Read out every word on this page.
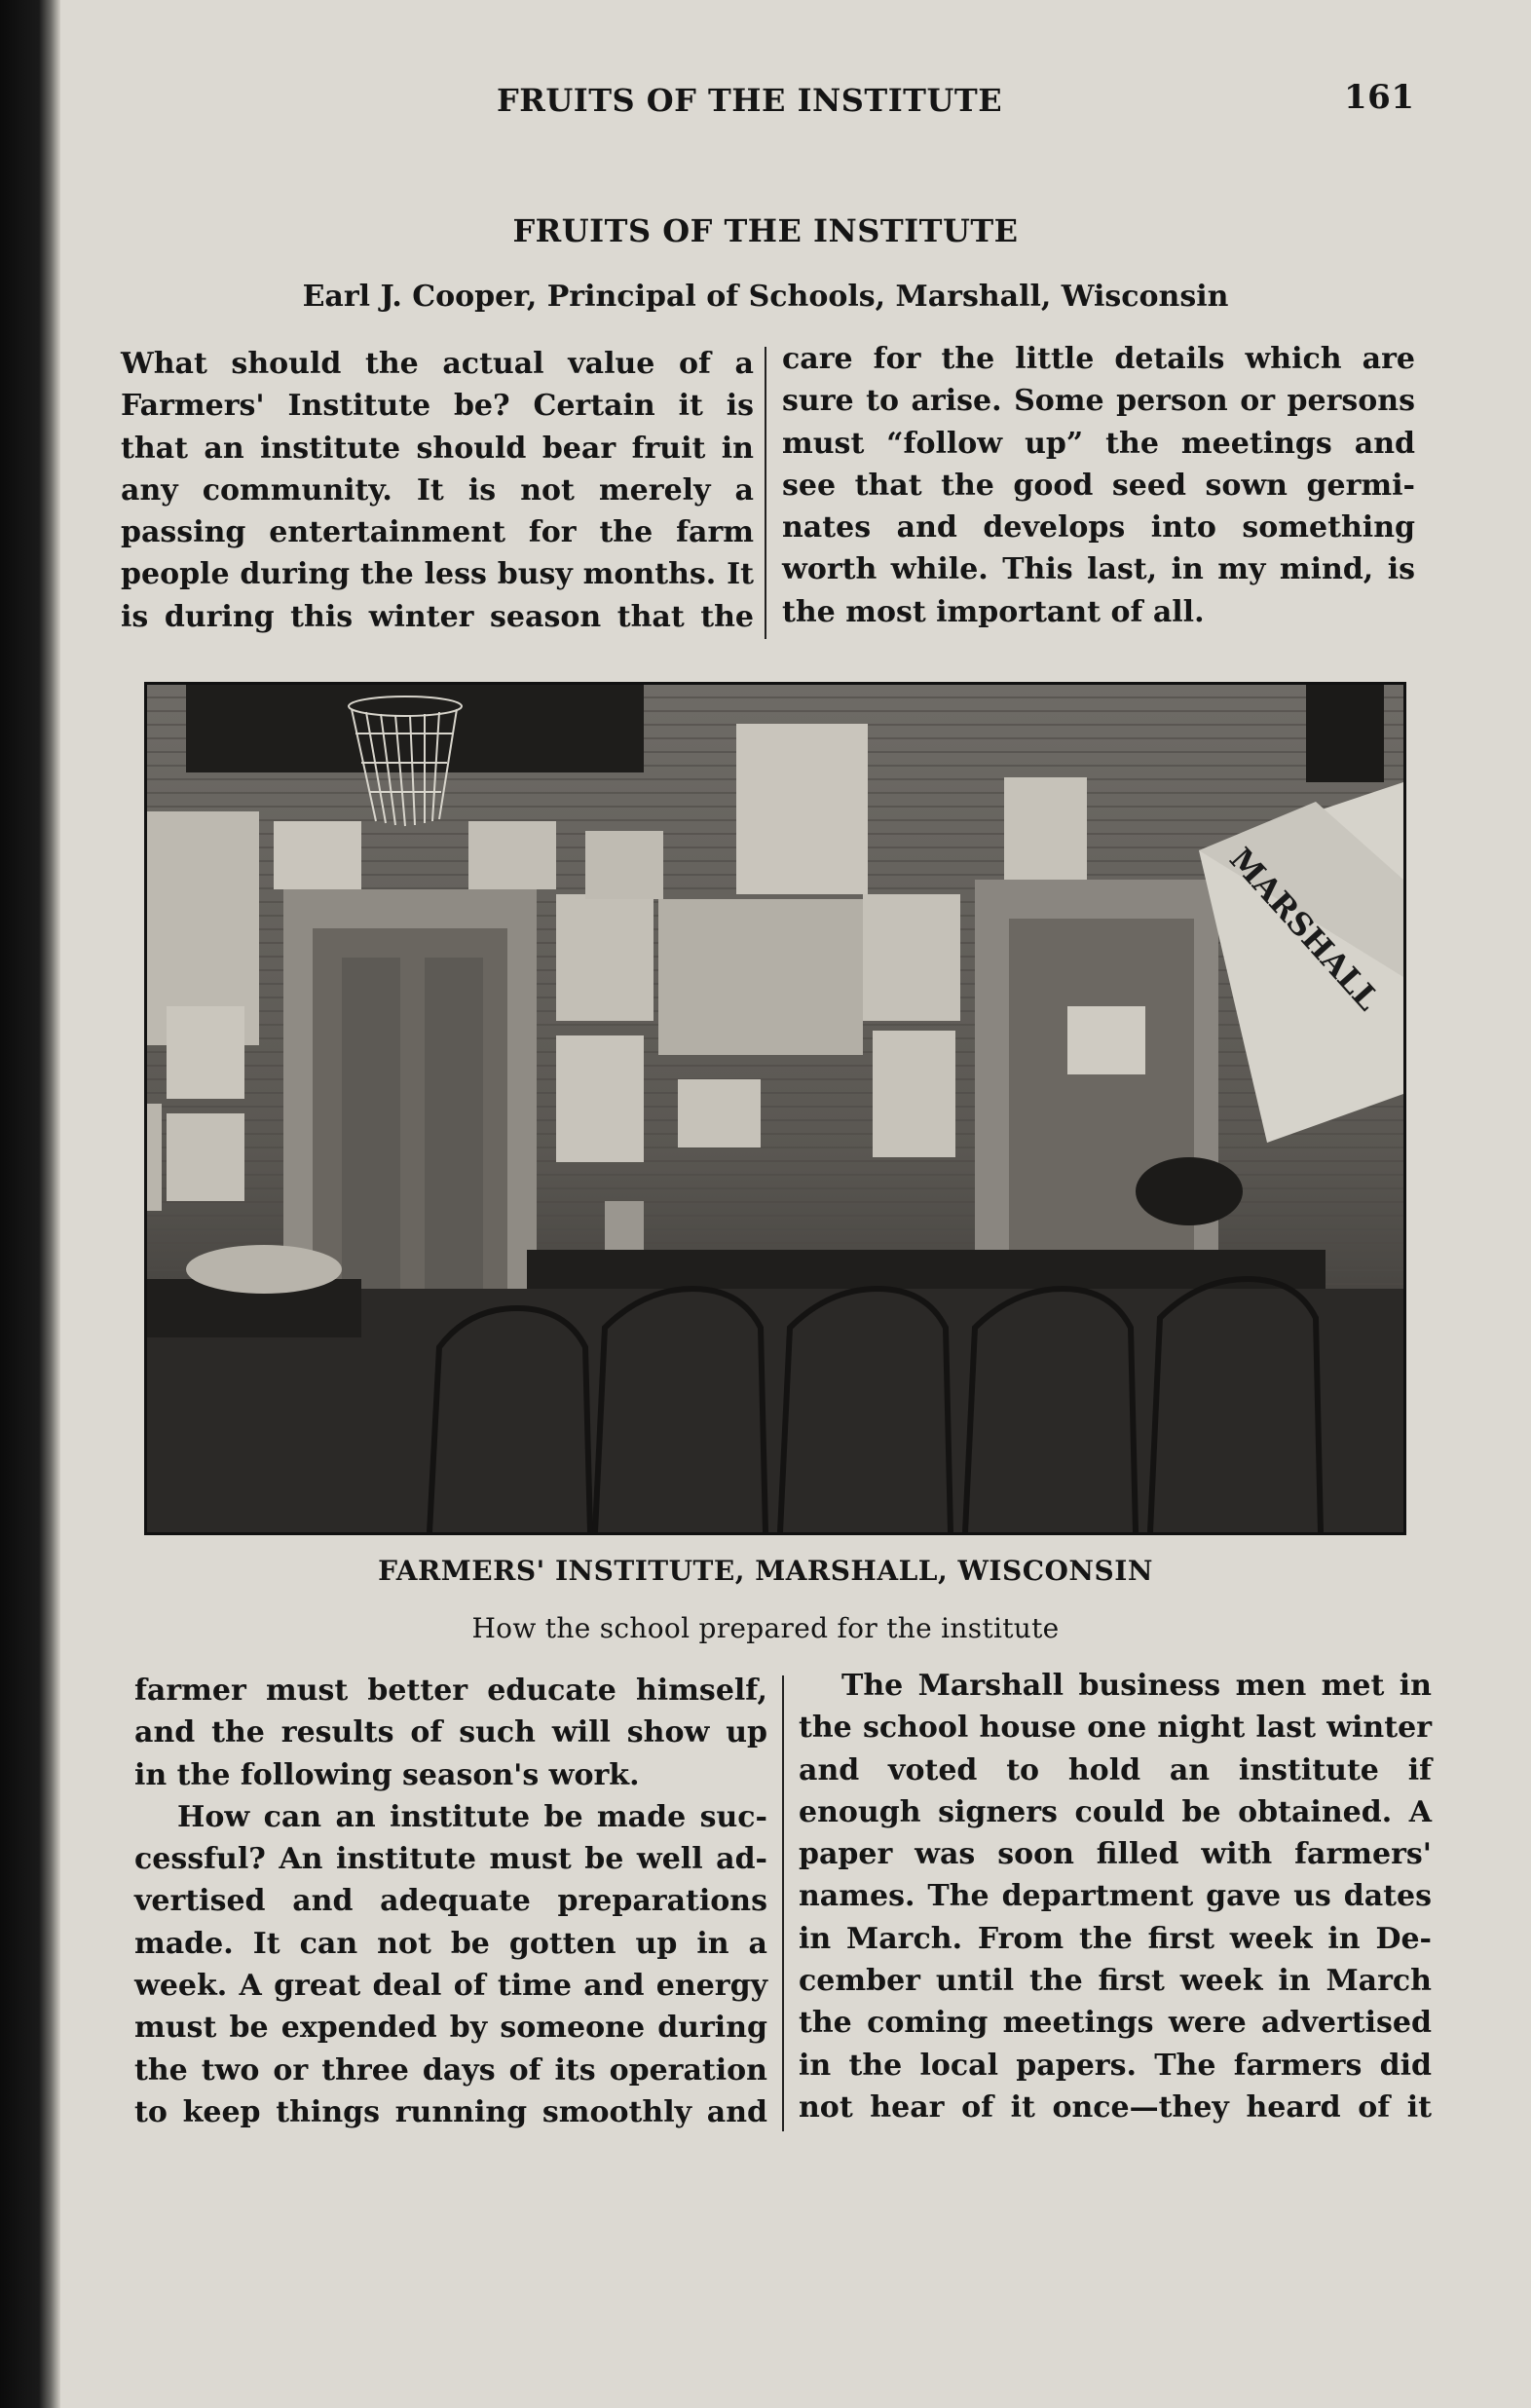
FRUITS OF THE INSTITUTE	161
FRUITS OF THE INSTITUTE
Earl J. Cooper, Principal of Schools, Marshall, Wisconsin
What should the actual value of a
Farmers' Institute be? Certain it is
that an institute should bear fruit in
any community. It is not merely a
passing entertainment for the farm
people during the less busy months. It
is during this winter season that the
care for the little details which are
sure to arise. Some person or persons
must “follow up” the meetings and
see that the good seed sown germi-
nates and develops into something
worth while. This last, in my mind, is
the most important of all.
MARSHALL
FARMERS' INSTITUTE, MARSHALL, WISCONSIN
How the school prepared for the institute
farmer must better educate himself,
and the results of such will show up
in the following season's work.
How can an institute be made suc-
cessful? An institute must be well ad-
vertised and adequate preparations
made. It can not be gotten up in a
week. A great deal of time and energy
must be expended by someone during
the two or three days of its operation
to keep things running smoothly and
The Marshall business men met in
the school house one night last winter
and voted to hold an institute if
enough signers could be obtained. A
paper was soon filled with farmers'
names. The department gave us dates
in March. From the first week in De-
cember until the first week in March
the coming meetings were advertised
in the local papers. The farmers did
not hear of it once—they heard of it
